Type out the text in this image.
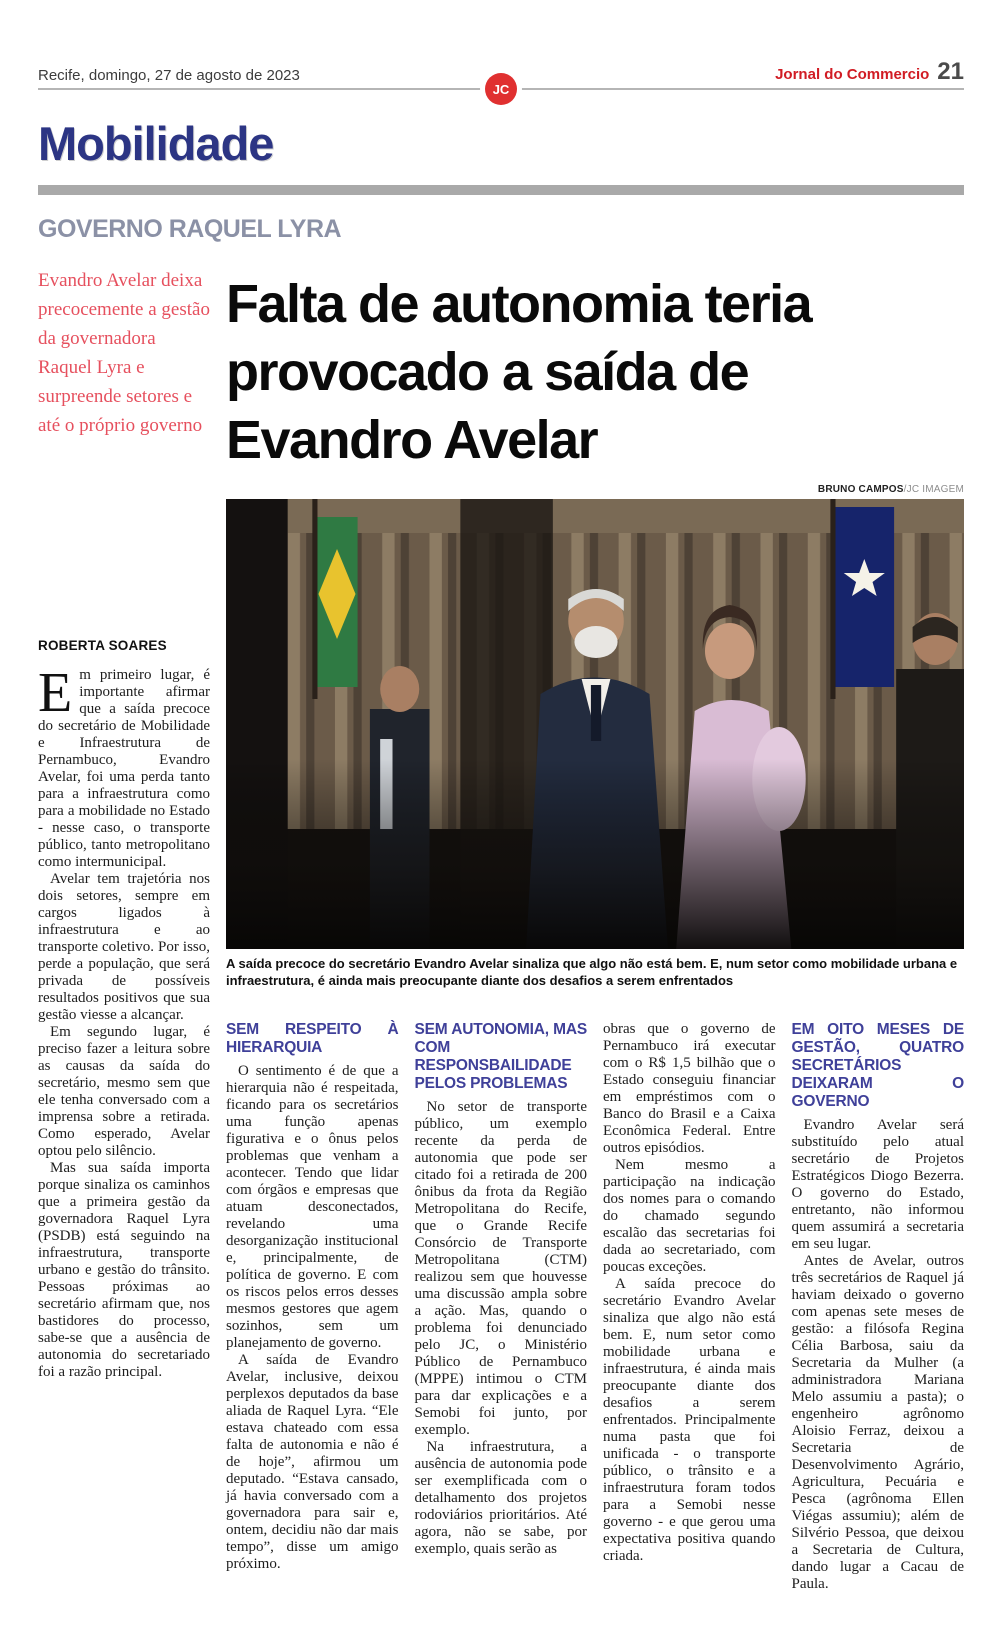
Recife, domingo, 27 de agosto de 2023	Jornal do Commercio 21
JC
Mobilidade
GOVERNO RAQUEL LYRA
Evandro Avelar deixa precocemente a gestão da governadora Raquel Lyra e surpreende setores e até o próprio governo
ROBERTA SOARES

Em primeiro lugar, é importante afirmar que a saída precoce do secretário de Mobilidade e Infraestrutura de Pernambuco, Evandro Avelar, foi uma perda tanto para a infraestrutura como para a mobilidade no Estado - nesse caso, o transporte público, tanto metropolitano como intermunicipal.

Avelar tem trajetória nos dois setores, sempre em cargos ligados à infraestrutura e ao transporte coletivo. Por isso, perde a população, que será privada de possíveis resultados positivos que sua gestão viesse a alcançar.

Em segundo lugar, é preciso fazer a leitura sobre as causas da saída do secretário, mesmo sem que ele tenha conversado com a imprensa sobre a retirada. Como esperado, Avelar optou pelo silêncio.

Mas sua saída importa porque sinaliza os caminhos que a primeira gestão da governadora Raquel Lyra (PSDB) está seguindo na infraestrutura, transporte urbano e gestão do trânsito. Pessoas próximas ao secretário afirmam que, nos bastidores do processo, sabe-se que a ausência de autonomia do secretariado foi a razão principal.

Falta de autonomia teria provocado a saída de Evandro Avelar
BRUNO CAMPOS/JC IMAGEM

A saída precoce do secretário Evandro Avelar sinaliza que algo não está bem. E, num setor como mobilidade urbana e infraestrutura, é ainda mais preocupante diante dos desafios a serem enfrentados

SEM RESPEITO À HIERARQUIA

O sentimento é de que a hierarquia não é respeitada, ficando para os secretários uma função apenas figurativa e o ônus pelos problemas que venham a acontecer. Tendo que lidar com órgãos e empresas que atuam desconectados, revelando uma desorganização institucional e, principalmente, de política de governo. E com os riscos pelos erros desses mesmos gestores que agem sozinhos, sem um planejamento de governo.

A saída de Evandro Avelar, inclusive, deixou perplexos deputados da base aliada de Raquel Lyra. “Ele estava chateado com essa falta de autonomia e não é de hoje”, afirmou um deputado. “Estava cansado, já havia conversado com a governadora para sair e, ontem, decidiu não dar mais tempo”, disse um amigo próximo.

SEM AUTONOMIA, MAS COM RESPONSBAILIDADE PELOS PROBLEMAS

No setor de transporte público, um exemplo recente da perda de autonomia que pode ser citado foi a retirada de 200 ônibus da frota da Região Metropolitana do Recife, que o Grande Recife Consórcio de Transporte Metropolitana (CTM) realizou sem que houvesse uma discussão ampla sobre a ação. Mas, quando o problema foi denunciado pelo JC, o Ministério Público de Pernambuco (MPPE) intimou o CTM para dar explicações e a Semobi foi junto, por exemplo.

Na infraestrutura, a ausência de autonomia pode ser exemplificada com o detalhamento dos projetos rodoviários prioritários. Até agora, não se sabe, por exemplo, quais serão as

obras que o governo de Pernambuco irá executar com o R$ 1,5 bilhão que o Estado conseguiu financiar em empréstimos com o Banco do Brasil e a Caixa Econômica Federal. Entre outros episódios.

Nem mesmo a participação na indicação dos nomes para o comando do chamado segundo escalão das secretarias foi dada ao secretariado, com poucas exceções.

A saída precoce do secretário Evandro Avelar sinaliza que algo não está bem. E, num setor como mobilidade urbana e infraestrutura, é ainda mais preocupante diante dos desafios a serem enfrentados. Principalmente numa pasta que foi unificada - o transporte público, o trânsito e a infraestrutura foram todos para a Semobi nesse governo - e que gerou uma expectativa positiva quando criada.

EM OITO MESES DE GESTÃO, QUATRO SECRETÁRIOS DEIXARAM O GOVERNO

Evandro Avelar será substituído pelo atual secretário de Projetos Estratégicos Diogo Bezerra. O governo do Estado, entretanto, não informou quem assumirá a secretaria em seu lugar.

Antes de Avelar, outros três secretários de Raquel já haviam deixado o governo com apenas sete meses de gestão: a filósofa Regina Célia Barbosa, saiu da Secretaria da Mulher (a administradora Mariana Melo assumiu a pasta); o engenheiro agrônomo Aloisio Ferraz, deixou a Secretaria de Desenvolvimento Agrário, Agricultura, Pecuária e Pesca (agrônoma Ellen Viégas assumiu); além de Silvério Pessoa, que deixou a Secretaria de Cultura, dando lugar a Cacau de Paula.
